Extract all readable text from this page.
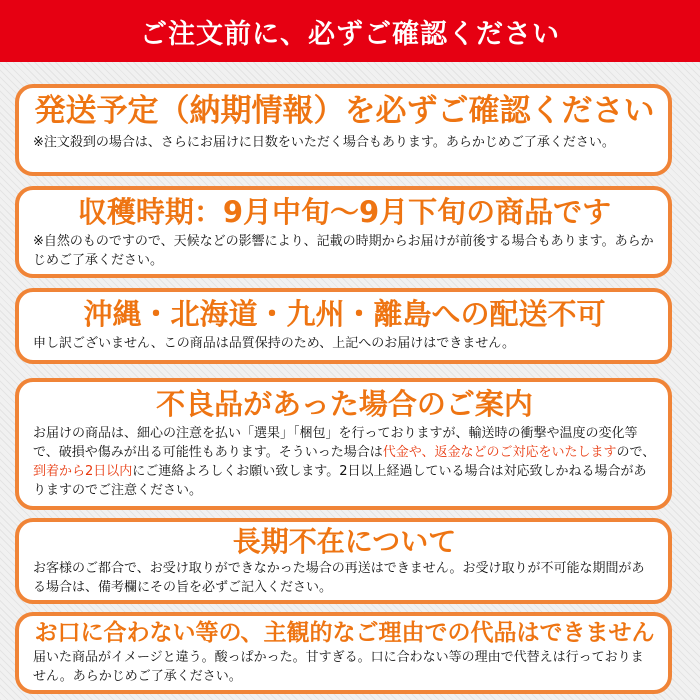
ご注文前に、必ずご確認ください
発送予定（納期情報）を必ずご確認ください
※注文殺到の場合は、さらにお届けに日数をいただく場合もあります。あらかじめご了承ください。
収穫時期：9月中旬〜9月下旬の商品です
※自然のものですので、天候などの影響により、記載の時期からお届けが前後する場合もあります。あらかじめご了承ください。
沖縄・北海道・九州・離島への配送不可
申し訳ございません、この商品は品質保持のため、上記へのお届けはできません。
不良品があった場合のご案内
お届けの商品は、細心の注意を払い「選果」「梱包」を行っておりますが、輸送時の衝撃や温度の変化等で、破損や傷みが出る可能性もあります。そういった場合は代金や、返金などのご対応をいたしますので、到着から2日以内にご連絡よろしくお願い致します。2日以上経過している場合は対応致しかねる場合がありますのでご注意ください。
長期不在について
お客様のご都合で、お受け取りができなかった場合の再送はできません。お受け取りが不可能な期間がある場合は、備考欄にその旨を必ずご記入ください。
お口に合わない等の、主観的なご理由での代品はできません
届いた商品がイメージと違う。酸っぱかった。甘すぎる。口に合わない等の理由で代替えは行っておりません。あらかじめご了承ください。
